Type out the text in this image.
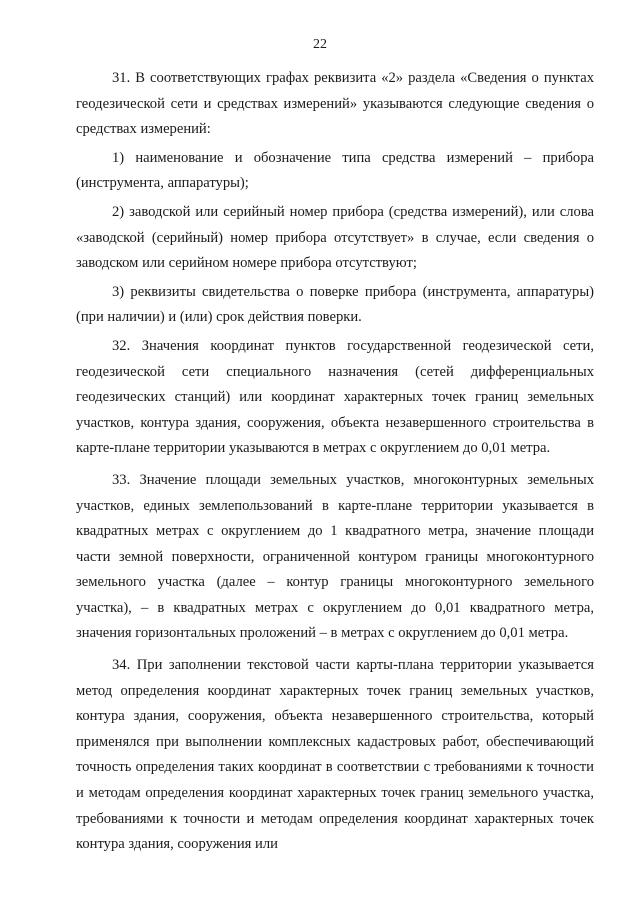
22

31. В соответствующих графах реквизита «2» раздела «Сведения о пунктах геодезической сети и средствах измерений» указываются следующие сведения о средствах измерений:

1) наименование и обозначение типа средства измерений – прибора (инструмента, аппаратуры);

2) заводской или серийный номер прибора (средства измерений), или слова «заводской (серийный) номер прибора отсутствует» в случае, если сведения о заводском или серийном номере прибора отсутствуют;

3) реквизиты свидетельства о поверке прибора (инструмента, аппаратуры) (при наличии) и (или) срок действия поверки.

32. Значения координат пунктов государственной геодезической сети, геодезической сети специального назначения (сетей дифференциальных геодезических станций) или координат характерных точек границ земельных участков, контура здания, сооружения, объекта незавершенного строительства в карте-плане территории указываются в метрах с округлением до 0,01 метра.

33. Значение площади земельных участков, многоконтурных земельных участков, единых землепользований в карте-плане территории указывается в квадратных метрах с округлением до 1 квадратного метра, значение площади части земной поверхности, ограниченной контуром границы многоконтурного земельного участка (далее – контур границы многоконтурного земельного участка), – в квадратных метрах с округлением до 0,01 квадратного метра, значения горизонтальных проложений – в метрах с округлением до 0,01 метра.

34. При заполнении текстовой части карты-плана территории указывается метод определения координат характерных точек границ земельных участков, контура здания, сооружения, объекта незавершенного строительства, который применялся при выполнении комплексных кадастровых работ, обеспечивающий точность определения таких координат в соответствии с требованиями к точности и методам определения координат характерных точек границ земельного участка, требованиями к точности и методам определения координат характерных точек контура здания, сооружения или
